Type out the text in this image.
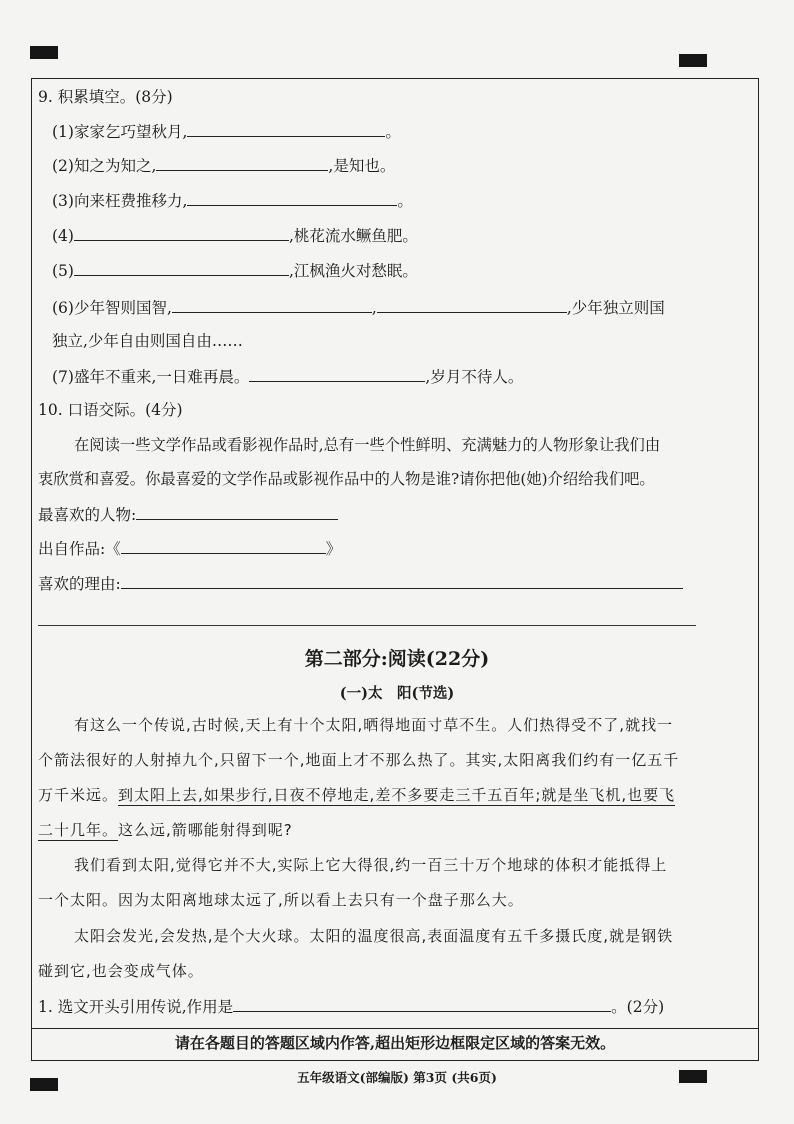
9. 积累填空。(8分)
(1)家家乞巧望秋月,	。
(2)知之为知之,	,是知也。
(3)向来枉费推移力,	。
(4)	,桃花流水鳜鱼肥。
(5)	,江枫渔火对愁眠。
(6)少年智则国智,	,	,少年独立则国
独立,少年自由则国自由……
(7)盛年不重来,一日难再晨。	,岁月不待人。
10. 口语交际。(4分)
在阅读一些文学作品或看影视作品时,总有一些个性鲜明、充满魅力的人物形象让我们由
衷欣赏和喜爱。你最喜爱的文学作品或影视作品中的人物是谁?请你把他(她)介绍给我们吧。
最喜欢的人物:
出自作品:《	》
喜欢的理由:
第二部分:阅读(22分)
(一)太　阳(节选)
有这么一个传说,古时候,天上有十个太阳,晒得地面寸草不生。人们热得受不了,就找一
个箭法很好的人射掉九个,只留下一个,地面上才不那么热了。其实,太阳离我们约有一亿五千
万千米远。到太阳上去,如果步行,日夜不停地走,差不多要走三千五百年;就是坐飞机,也要飞
二十几年。这么远,箭哪能射得到呢?
我们看到太阳,觉得它并不大,实际上它大得很,约一百三十万个地球的体积才能抵得上
一个太阳。因为太阳离地球太远了,所以看上去只有一个盘子那么大。
太阳会发光,会发热,是个大火球。太阳的温度很高,表面温度有五千多摄氏度,就是钢铁
碰到它,也会变成气体。
1. 选文开头引用传说,作用是	。(2分)
请在各题目的答题区域内作答,超出矩形边框限定区域的答案无效。
五年级语文(部编版) 第3页 (共6页)
